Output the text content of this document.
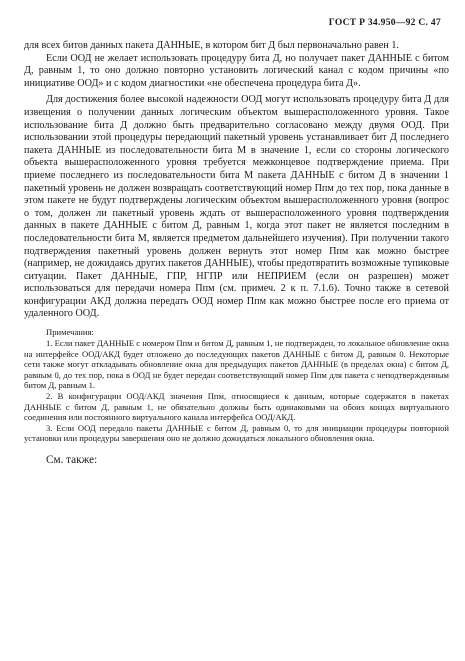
ГОСТ Р 34.950—92 С. 47

для всех битов данных пакета ДАННЫЕ, в котором бит Д был первоначально равен 1.

Если ООД не желает использовать процедуру бита Д, но получает пакет ДАННЫЕ с битом Д, равным 1, то оно должно повторно установить логический канал с кодом причины «по инициативе ООД» и с кодом диагностики «не обеспечена процедура бита Д».

Для достижения более высокой надежности ООД могут использовать процедуру бита Д для извещения о получении данных логическим объектом вышерасположенного уровня. Такое использование бита Д должно быть предварительно согласовано между двумя ООД. При использовании этой процедуры передающий пакетный уровень устанавливает бит Д последнего пакета ДАННЫЕ из последовательности бита М в значение 1, если со стороны логического объекта вышерасположенного уровня требуется межконцевое подтверждение приема. При приеме последнего из последовательности бита М пакета ДАННЫЕ с битом Д в значении 1 пакетный уровень не должен возвращать соответствующий номер Ппм до тех пор, пока данные в этом пакете не будут подтверждены логическим объектом вышерасположенного уровня (вопрос о том, должен ли пакетный уровень ждать от вышерасположенного уровня подтверждения данных в пакете ДАННЫЕ с битом Д, равным 1, когда этот пакет не является последним в последовательности бита М, является предметом дальнейшего изучения). При получении такого подтверждения пакетный уровень должен вернуть этот номер Ппм как можно быстрее (например, не дожидаясь других пакетов ДАННЫЕ), чтобы предотвратить возможные тупиковые ситуации. Пакет ДАННЫЕ, ГПР, НГПР или НЕПРИЕМ (если он разрешен) может использоваться для передачи номера Ппм (см. примеч. 2 к п. 7.1.6). Точно также в сетевой конфигурации АКД должна передать ООД номер Ппм как можно быстрее после его приема от удаленного ООД.

Примечания:

1. Если пакет ДАННЫЕ с номером Ппм и битом Д, равным 1, не подтвержден, то локальное обновление окна на интерфейсе ООД/АКД будет отложено до последующих пакетов ДАННЫЕ с битом Д, равным 0. Некоторые сети также могут откладывать обновление окна для предыдущих пакетов ДАННЫЕ (в пределах окна) с битом Д, равным 0, до тех пор, пока в ООД не будет передан соответствующий номер Ппм для пакета с неподтвержденным битом Д, равным 1.

2. В конфигурации ООД/АКД значения Ппм, относящиеся к данным, которые содержатся в пакетах ДАННЫЕ с битом Д, равным 1, не обязательно должны быть одинаковыми на обоих концах виртуального соединения или постоянного виртуального канала интерфейса ООД/АКД.

3. Если ООД передало пакеты ДАННЫЕ с битом Д, равным 0, то для инициации процедуры повторной установки или процедуры завершения оно не должно дожидаться локального обновления окна.

См. также:
